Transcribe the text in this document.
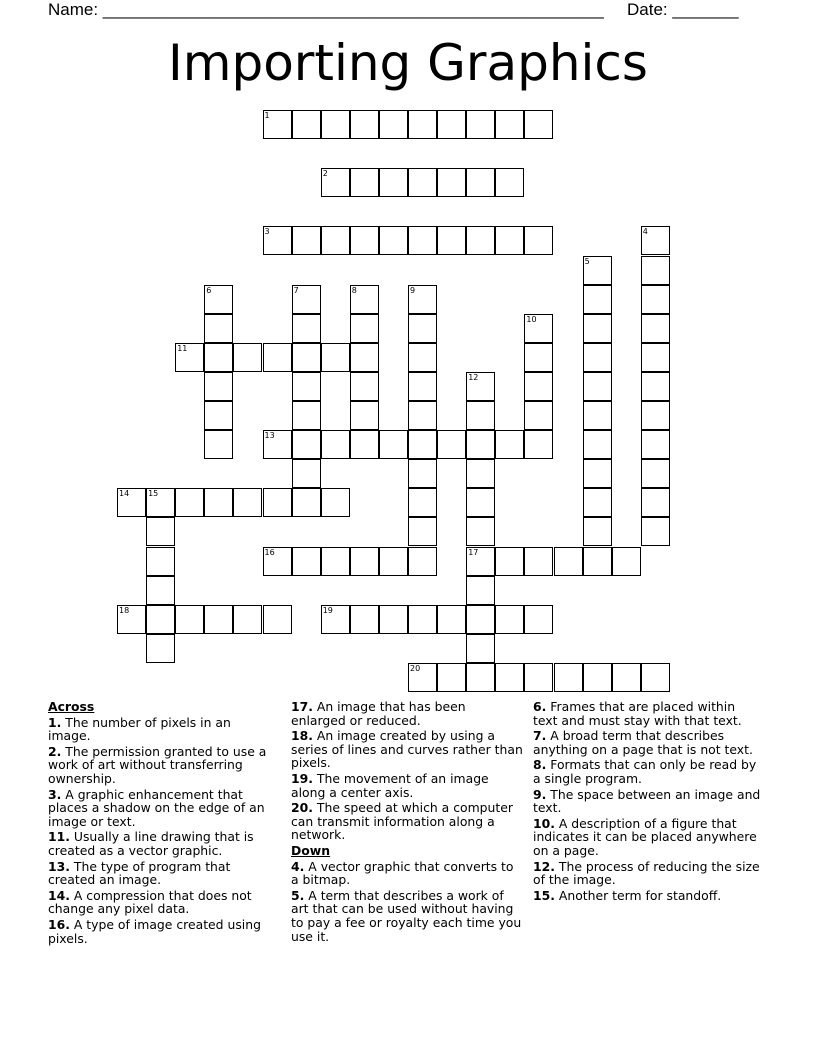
Name: _____________________________________________________ Date: _______
Importing Graphics
1
2
3	4
5
6	7	8	9
10
11
12
17
13
14 15
16
18	19
20
Across
1. The number of pixels in an image.
2. The permission granted to use a work of art without transferring ownership.
3. A graphic enhancement that places a shadow on the edge of an image or text.
11. Usually a line drawing that is created as a vector graphic.
13. The type of program that created an image.
14. A compression that does not change any pixel data.
16. A type of image created using pixels.
17. An image that has been enlarged or reduced.
18. An image created by using a series of lines and curves rather than pixels.
19. The movement of an image along a center axis.
20. The speed at which a computer can transmit information along a network.
Down
4. A vector graphic that converts to a bitmap.
5. A term that describes a work of art that can be used without having to pay a fee or royalty each time you use it.
6. Frames that are placed within text and must stay with that text.
7. A broad term that describes anything on a page that is not text.
8. Formats that can only be read by a single program.
9. The space between an image and text.
10. A description of a figure that indicates it can be placed anywhere on a page.
12. The process of reducing the size of the image.
15. Another term for standoff.
